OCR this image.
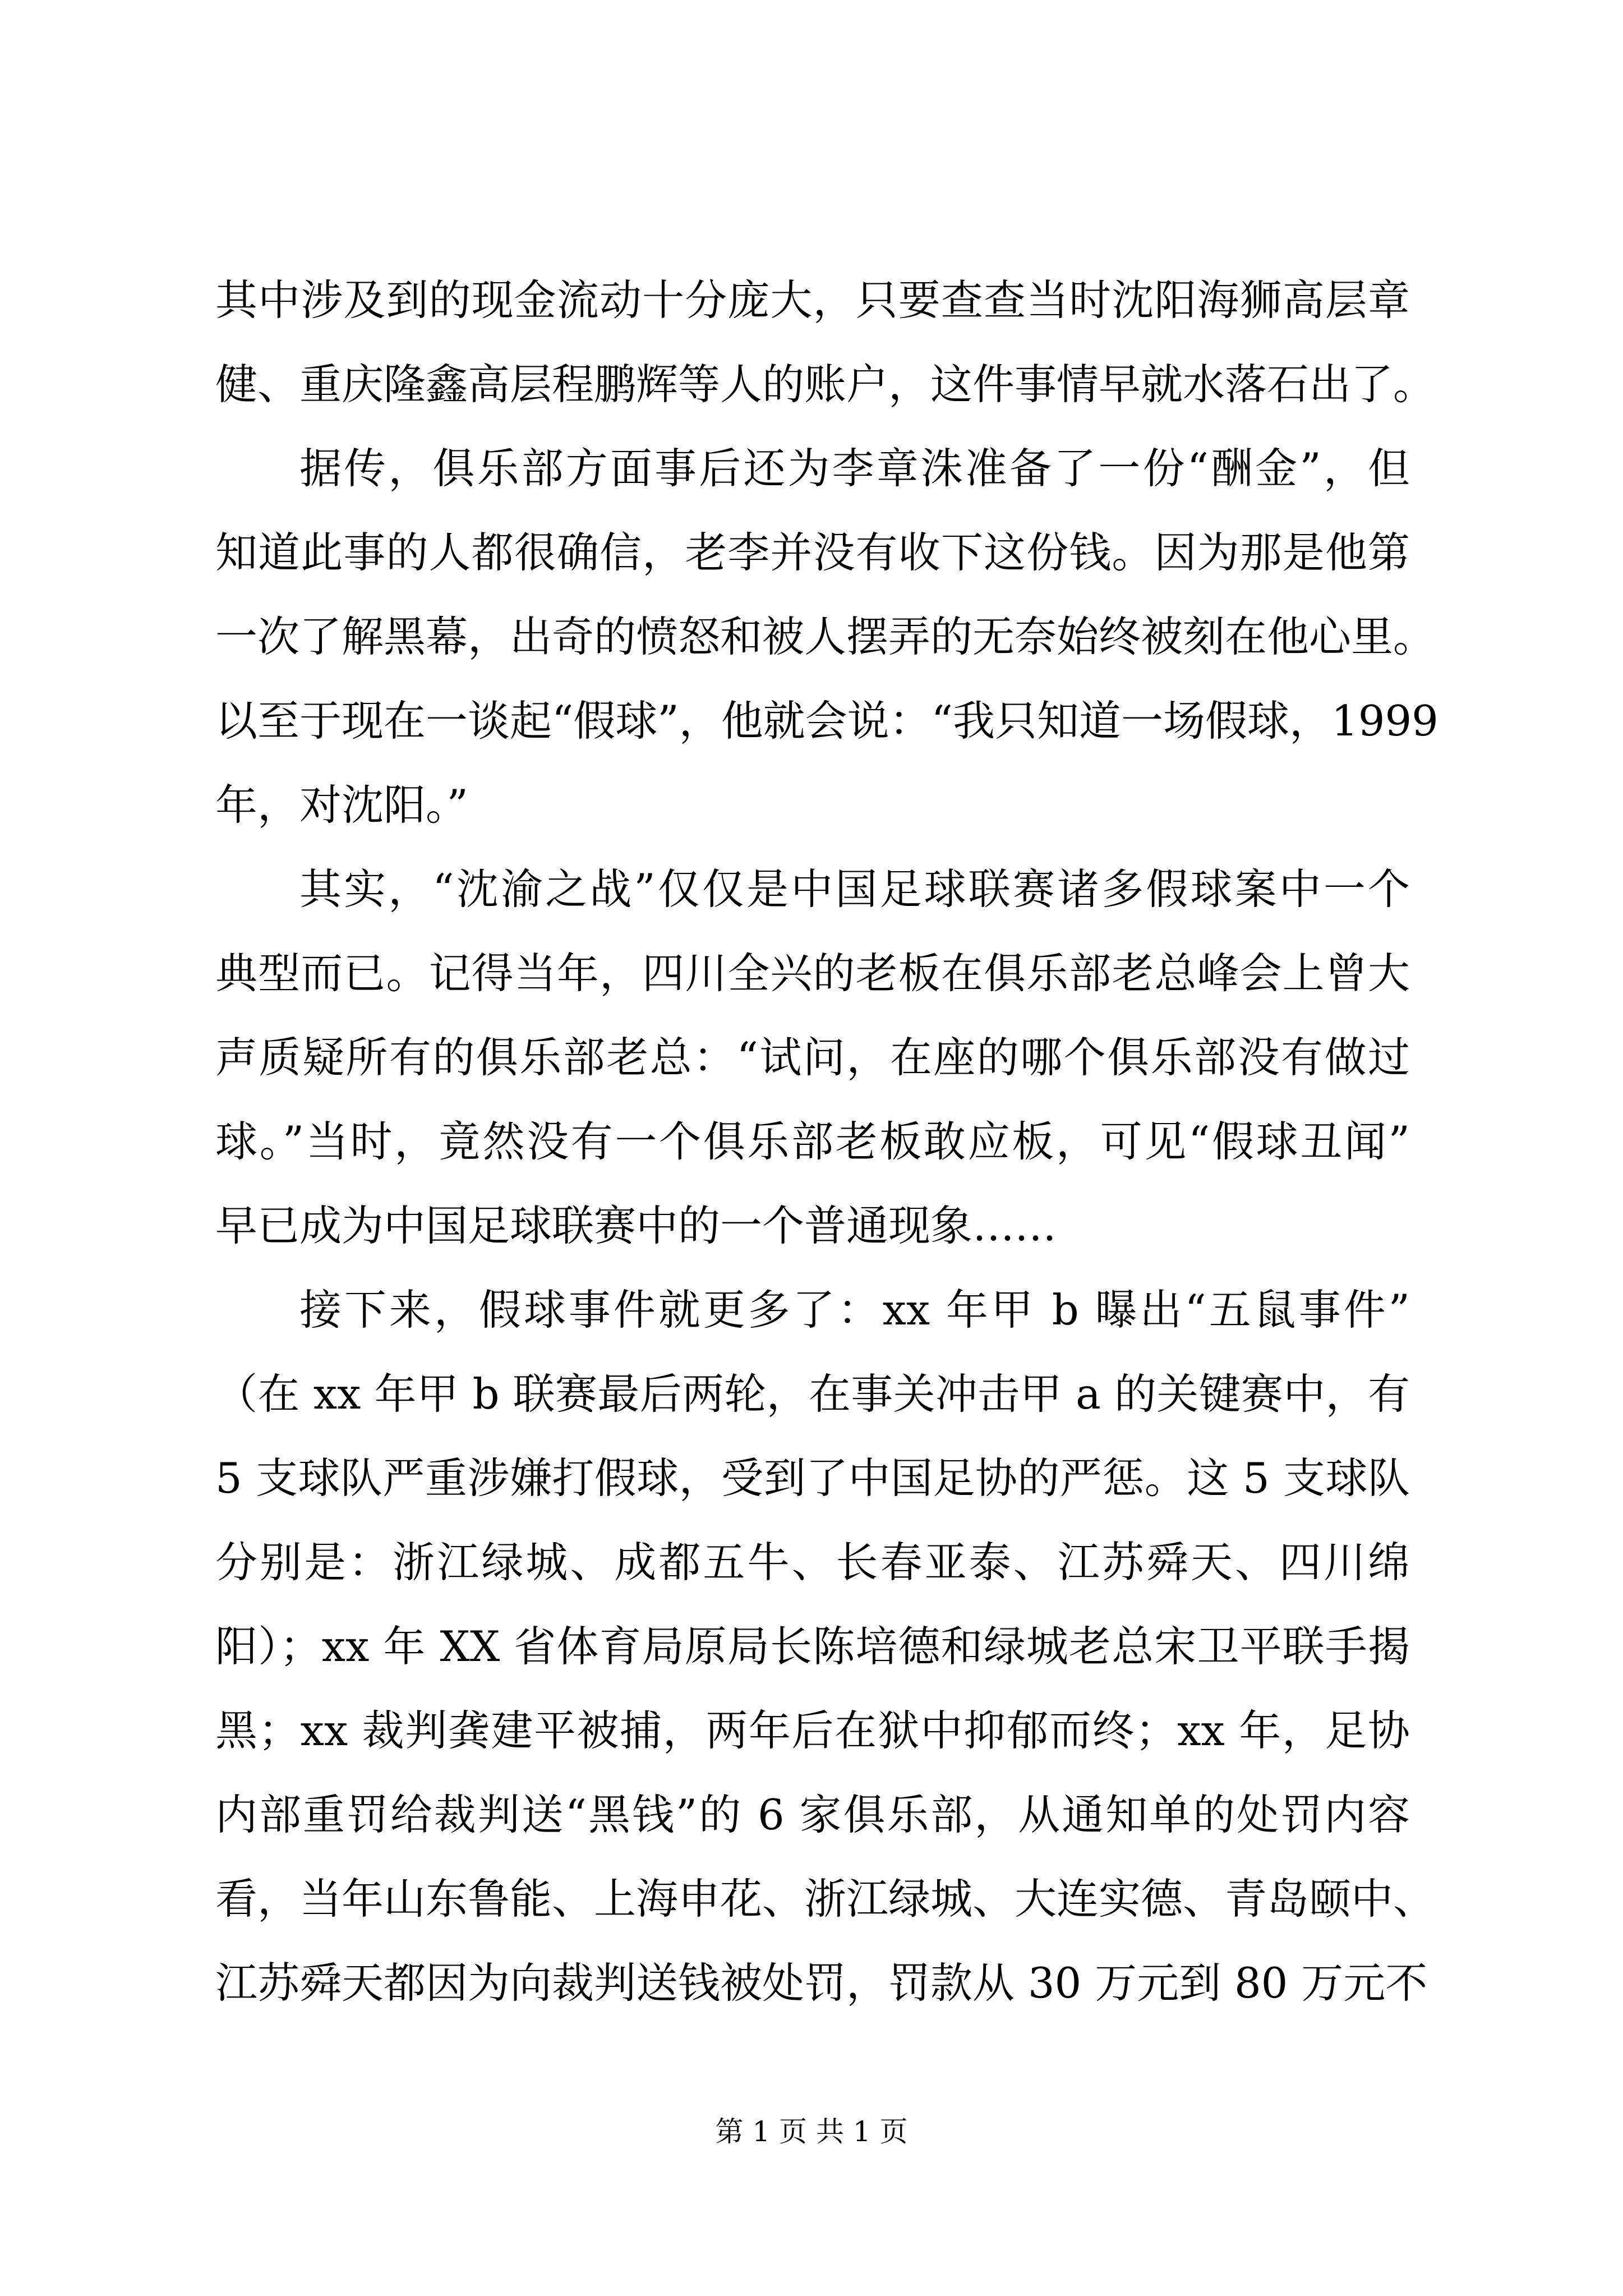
其中涉及到的现金流动十分庞大，只要查查当时沈阳海狮高层章
健、重庆隆鑫高层程鹏辉等人的账户，这件事情早就水落石出了。
据传，俱乐部方面事后还为李章洙准备了一份“酬金”，但
知道此事的人都很确信，老李并没有收下这份钱。因为那是他第
一次了解黑幕，出奇的愤怒和被人摆弄的无奈始终被刻在他心里。
以至于现在一谈起“假球”，他就会说：“我只知道一场假球，1999
年，对沈阳。”
其实，“沈渝之战”仅仅是中国足球联赛诸多假球案中一个
典型而已。记得当年，四川全兴的老板在俱乐部老总峰会上曾大
声质疑所有的俱乐部老总：“试问，在座的哪个俱乐部没有做过
球。”当时，竟然没有一个俱乐部老板敢应板，可见“假球丑闻”
早已成为中国足球联赛中的一个普通现象……
接下来，假球事件就更多了：xx 年甲 b 曝出“五鼠事件”
（在 xx 年甲 b 联赛最后两轮，在事关冲击甲 a 的关键赛中，有
5 支球队严重涉嫌打假球，受到了中国足协的严惩。这 5 支球队
分别是：浙江绿城、成都五牛、长春亚泰、江苏舜天、四川绵
阳）；xx 年 XX 省体育局原局长陈培德和绿城老总宋卫平联手揭
黑；xx 裁判龚建平被捕，两年后在狱中抑郁而终；xx 年，足协
内部重罚给裁判送“黑钱”的 6 家俱乐部，从通知单的处罚内容
看，当年山东鲁能、上海申花、浙江绿城、大连实德、青岛颐中、
江苏舜天都因为向裁判送钱被处罚，罚款从 30 万元到 80 万元不
第 1 页 共 1 页
